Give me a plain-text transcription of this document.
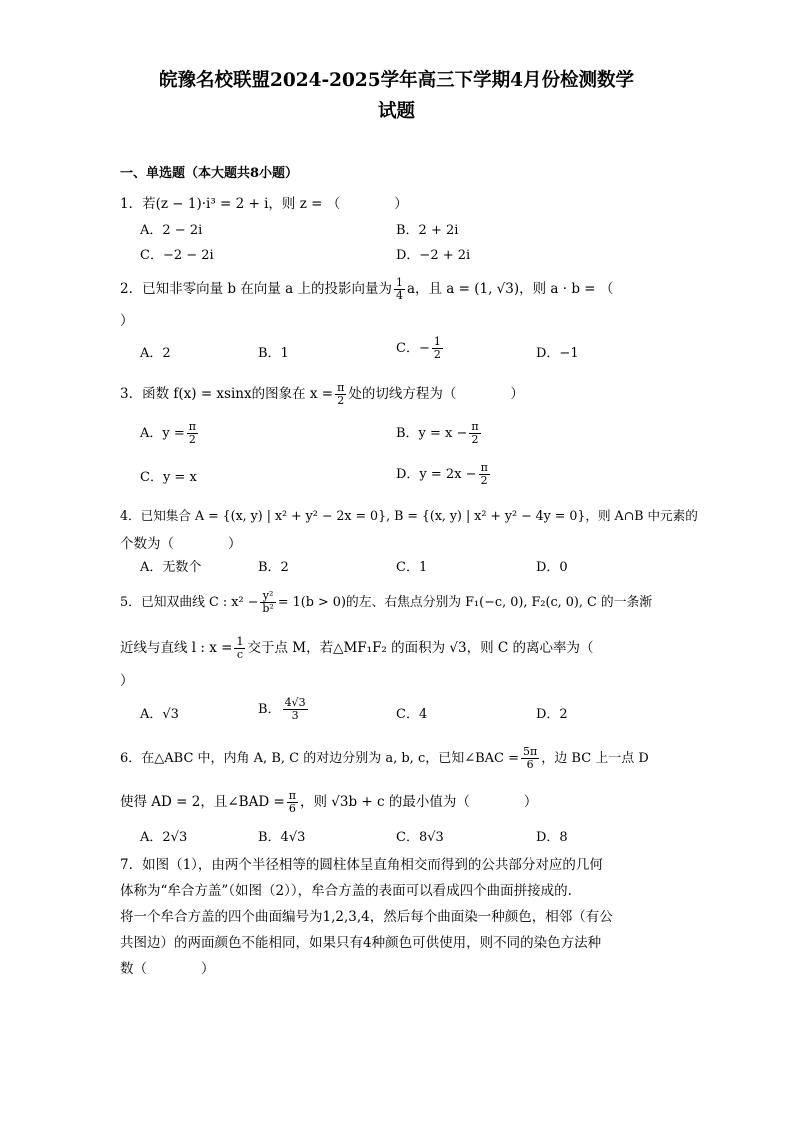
皖豫名校联盟2024-2025学年高三下学期4月份检测数学
试题
一、单选题（本大题共8小题）
1．若(z − 1)·i³ = 2 + i，则 z = （　　　　）
A．2 − 2i	B．2 + 2i
C．−2 − 2i	D．−2 + 2i
2．已知非零向量 b 在向量 a 上的投影向量为 $\frac{1}{4}$ a，且 a = (1, √3)，则 a · b = （
）
A．2	B．1	C．− $\frac{1}{2}$	D．−1
3．函数 f(x) = xsinx的图象在 $x = \frac{\pi}{2}$ 处的切线方程为（　　　　）
A．$y = \frac{\pi}{2}$	B．$y = x - \frac{\pi}{2}$
C．y = x	D．$y = 2x - \frac{\pi}{2}$
4．已知集合 A = {(x, y) | x² + y² − 2x = 0}, B = {(x, y) | x² + y² − 4y = 0}，则 A∩B 中元素的
个数为（　　　　）
A．无数个	B．2	C．1	D．0
5．已知双曲线 C : $x^2 - \frac{\text{y²}}{\text{b²}} = 1(b > 0)$的左、右焦点分别为 F₁(−c, 0), F₂(c, 0), C 的一条渐
近线与直线 l : $x = \frac{1}{c}$ 交于点 M，若△MF₁F₂ 的面积为 √3，则 C 的离心率为（
）
A．√3	B． $\frac{4√3}{3}$	C．4	D．2
6．在△ABC 中，内角 A, B, C 的对边分别为 a, b, c，已知∠BAC = $\frac{5\pi}{6}$ ，边 BC 上一点 D
使得 AD = 2，且∠BAD = $\frac{\pi}{6}$ ，则 √3b + c 的最小值为（　　　　）
A．2√3	B．4√3	C．8√3	D．8
7．如图（1），由两个半径相等的圆柱体呈直角相交而得到的公共部分对应的几何
体称为“牟合方盖”（如图（2）），牟合方盖的表面可以看成四个曲面拼接成的.
将一个牟合方盖的四个曲面编号为1,2,3,4，然后每个曲面染一种颜色，相邻（有公
共图边）的两面颜色不能相同，如果只有4种颜色可供使用，则不同的染色方法种
数（　　　　）
